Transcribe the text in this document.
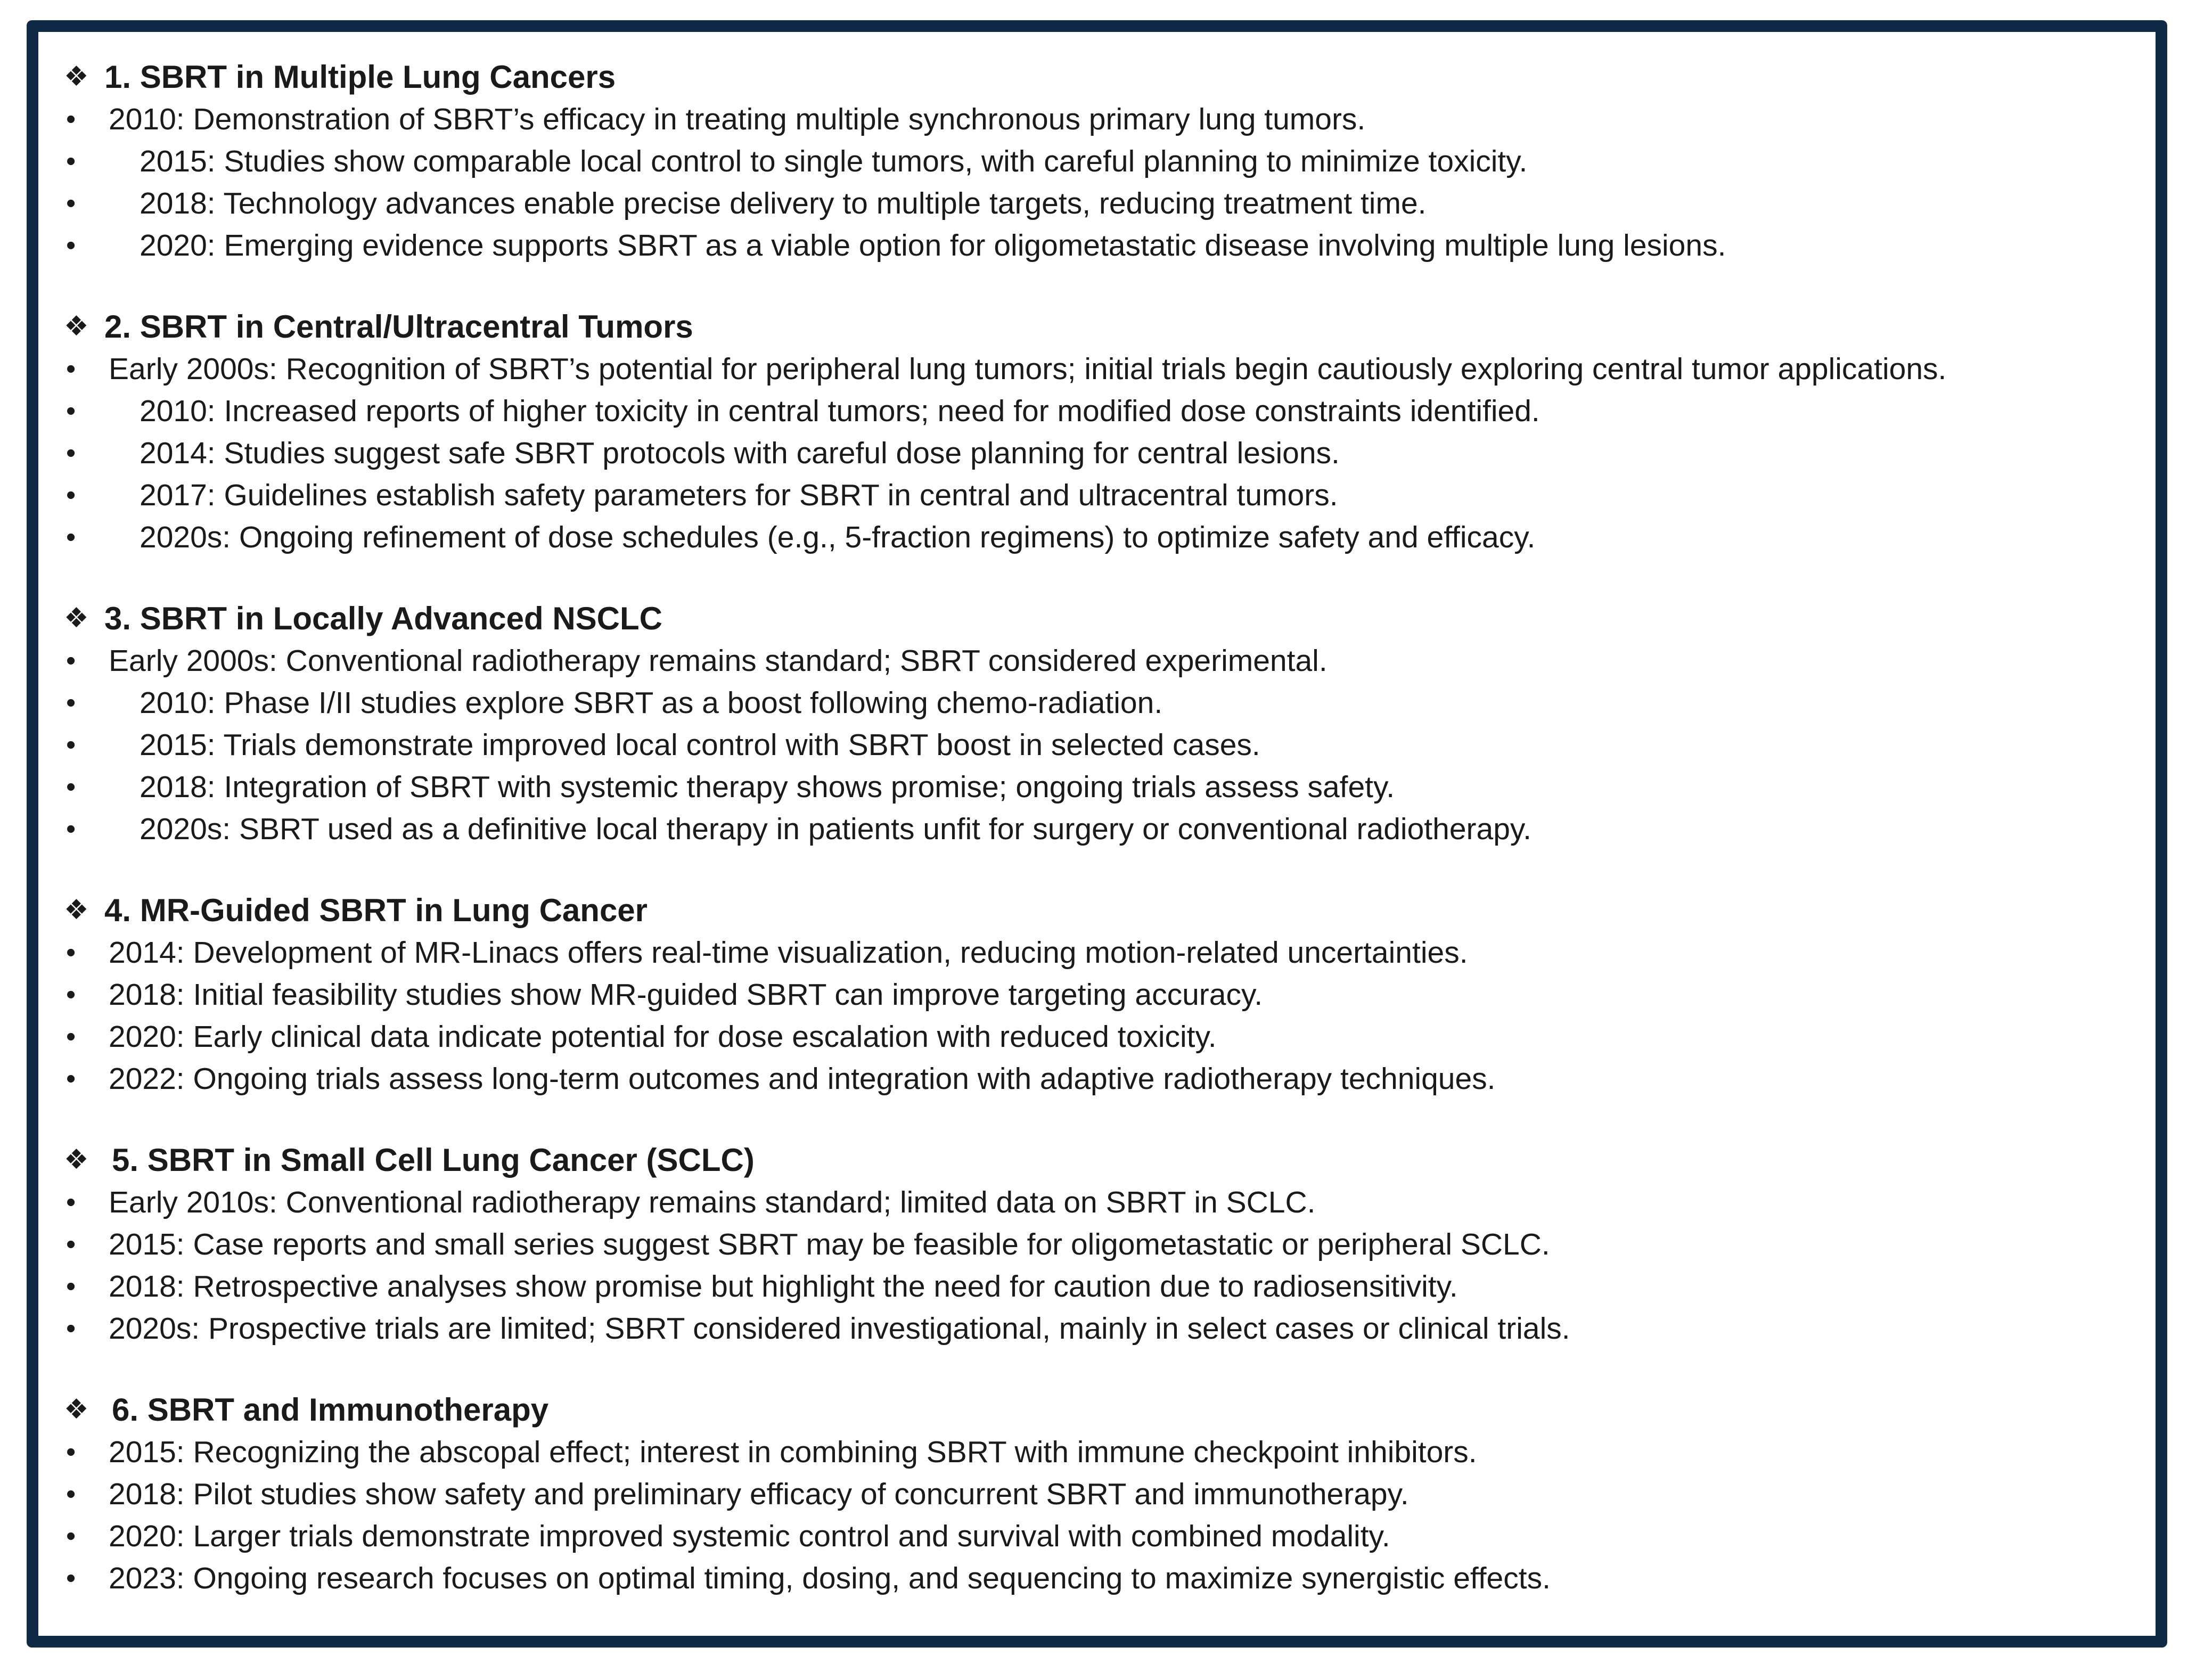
❖ 1. SBRT in Multiple Lung Cancers
•	2010: Demonstration of SBRT’s efficacy in treating multiple synchronous primary lung tumors.
•	2015: Studies show comparable local control to single tumors, with careful planning to minimize toxicity.
•	2018: Technology advances enable precise delivery to multiple targets, reducing treatment time.
•	2020: Emerging evidence supports SBRT as a viable option for oligometastatic disease involving multiple lung lesions.
❖ 2. SBRT in Central/Ultracentral Tumors
•	Early 2000s: Recognition of SBRT’s potential for peripheral lung tumors; initial trials begin cautiously exploring central tumor applications.
•	2010: Increased reports of higher toxicity in central tumors; need for modified dose constraints identified.
•	2014: Studies suggest safe SBRT protocols with careful dose planning for central lesions.
•	2017: Guidelines establish safety parameters for SBRT in central and ultracentral tumors.
•	2020s: Ongoing refinement of dose schedules (e.g., 5-fraction regimens) to optimize safety and efficacy.
❖ 3. SBRT in Locally Advanced NSCLC
•	Early 2000s: Conventional radiotherapy remains standard; SBRT considered experimental.
•	2010: Phase I/II studies explore SBRT as a boost following chemo-radiation.
•	2015: Trials demonstrate improved local control with SBRT boost in selected cases.
•	2018: Integration of SBRT with systemic therapy shows promise; ongoing trials assess safety.
•	2020s: SBRT used as a definitive local therapy in patients unfit for surgery or conventional radiotherapy.
❖ 4. MR-Guided SBRT in Lung Cancer
•	2014: Development of MR-Linacs offers real-time visualization, reducing motion-related uncertainties.
•	2018: Initial feasibility studies show MR-guided SBRT can improve targeting accuracy.
•	2020: Early clinical data indicate potential for dose escalation with reduced toxicity.
•	2022: Ongoing trials assess long-term outcomes and integration with adaptive radiotherapy techniques.
❖ 5. SBRT in Small Cell Lung Cancer (SCLC)
•	Early 2010s: Conventional radiotherapy remains standard; limited data on SBRT in SCLC.
•	2015: Case reports and small series suggest SBRT may be feasible for oligometastatic or peripheral SCLC.
•	2018: Retrospective analyses show promise but highlight the need for caution due to radiosensitivity.
•	2020s: Prospective trials are limited; SBRT considered investigational, mainly in select cases or clinical trials.
❖ 6. SBRT and Immunotherapy
•	2015: Recognizing the abscopal effect; interest in combining SBRT with immune checkpoint inhibitors.
•	2018: Pilot studies show safety and preliminary efficacy of concurrent SBRT and immunotherapy.
•	2020: Larger trials demonstrate improved systemic control and survival with combined modality.
•	2023: Ongoing research focuses on optimal timing, dosing, and sequencing to maximize synergistic effects.
